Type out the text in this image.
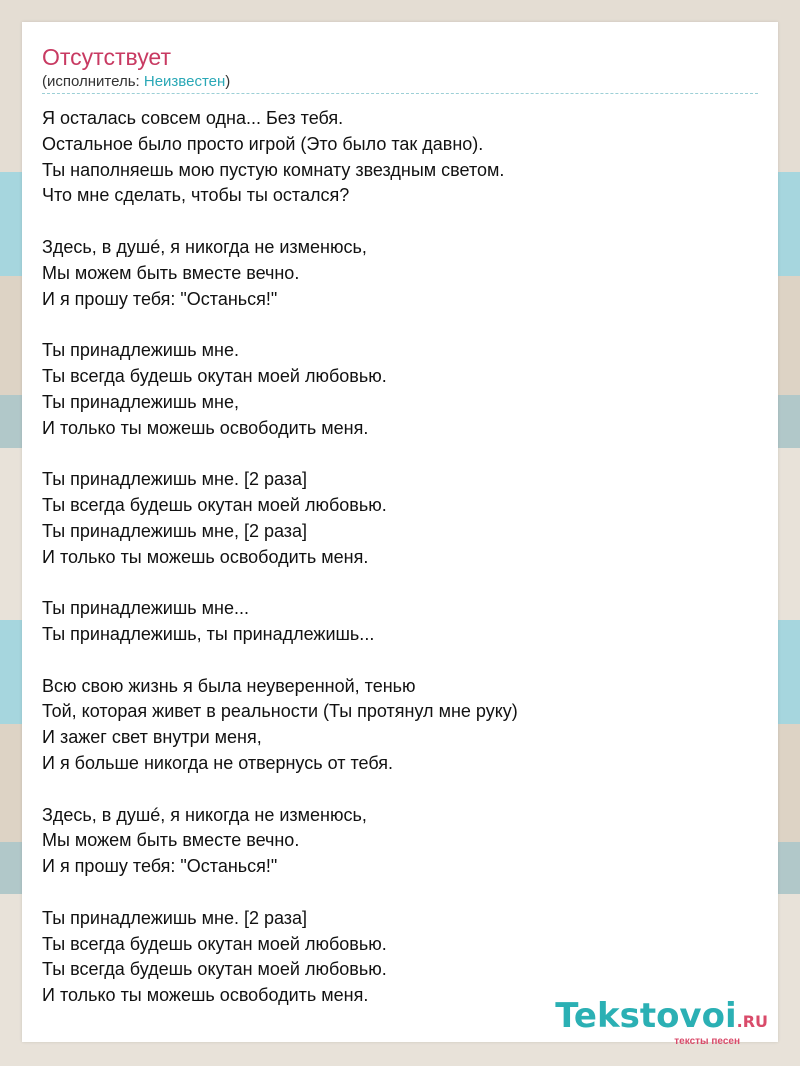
Отсутствует
(исполнитель: Неизвестен)
Я осталась совсем одна... Без тебя.
Остальное было просто игрой (Это было так давно).
Ты наполняешь мою пустую комнату звездным светом.
Что мне сделать, чтобы ты остался?
Здесь, в душé, я никогда не изменюсь,
Мы можем быть вместе вечно.
И я прошу тебя: "Останься!"
Ты принадлежишь мне.
Ты всегда будешь окутан моей любовью.
Ты принадлежишь мне,
И только ты можешь освободить меня.
Ты принадлежишь мне. [2 раза]
Ты всегда будешь окутан моей любовью.
Ты принадлежишь мне, [2 раза]
И только ты можешь освободить меня.
Ты принадлежишь мне...
Ты принадлежишь, ты принадлежишь...
Всю свою жизнь я была неуверенной, тенью
Той, которая живет в реальности (Ты протянул мне руку)
И зажег свет внутри меня,
И я больше никогда не отвернусь от тебя.
Здесь, в душé, я никогда не изменюсь,
Мы можем быть вместе вечно.
И я прошу тебя: "Останься!"
Ты принадлежишь мне. [2 раза]
Ты всегда будешь окутан моей любовью.
Ты всегда будешь окутан моей любовью.
И только ты можешь освободить меня.
Tekstovoi.RU
тексты песен
